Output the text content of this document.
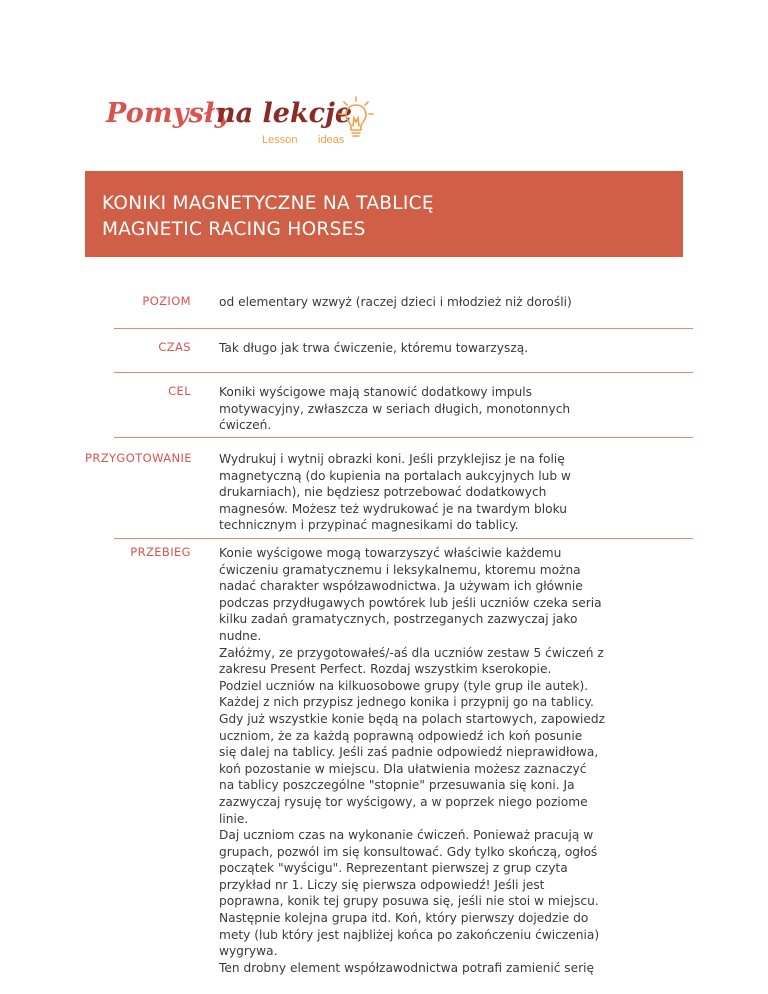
Pomysły
na lekcje
Lesson ideas
KONIKI MAGNETYCZNE NA TABLICĘ
MAGNETIC RACING HORSES
POZIOM od elementary wzwyż (raczej dzieci i młodzież niż dorośli)
CZAS Tak długo jak trwa ćwiczenie, któremu towarzyszą.
CEL Koniki wyścigowe mają stanowić dodatkowy impuls
motywacyjny, zwłaszcza w seriach długich, monotonnych
ćwiczeń.
PRZYGOTOWANIE Wydrukuj i wytnij obrazki koni. Jeśli przyklejisz je na folię
magnetyczną (do kupienia na portalach aukcyjnych lub w
drukarniach), nie będziesz potrzebować dodatkowych
magnesów. Możesz też wydrukować je na twardym bloku
technicznym i przypinać magnesikami do tablicy.
PRZEBIEG Konie wyścigowe mogą towarzyszyć właściwie każdemu
ćwiczeniu gramatycznemu i leksykalnemu, ktoremu można
nadać charakter współzawodnictwa. Ja używam ich głównie
podczas przydługawych powtórek lub jeśli uczniów czeka seria
kilku zadań gramatycznych, postrzeganych zazwyczaj jako
nudne.
Załóżmy, ze przygotowałeś/-aś dla uczniów zestaw 5 ćwiczeń z
zakresu Present Perfect. Rozdaj wszystkim kserokopie.
Podziel uczniów na kilkuosobowe grupy (tyle grup ile autek).
Każdej z nich przypisz jednego konika i przypnij go na tablicy.
Gdy już wszystkie konie będą na polach startowych, zapowiedz
uczniom, że za każdą poprawną odpowiedź ich koń posunie
się dalej na tablicy. Jeśli zaś padnie odpowiedź nieprawidłowa,
koń pozostanie w miejscu. Dla ułatwienia możesz zaznaczyć
na tablicy poszczególne "stopnie" przesuwania się koni. Ja
zazwyczaj rysuję tor wyścigowy, a w poprzek niego poziome
linie.
Daj uczniom czas na wykonanie ćwiczeń. Ponieważ pracują w
grupach, pozwól im się konsultować. Gdy tylko skończą, ogłoś
początek "wyścigu". Reprezentant pierwszej z grup czyta
przykład nr 1. Liczy się pierwsza odpowiedź! Jeśli jest
poprawna, konik tej grupy posuwa się, jeśli nie stoi w miejscu.
Następnie kolejna grupa itd. Koń, który pierwszy dojedzie do
mety (lub który jest najbliżej końca po zakończeniu ćwiczenia)
wygrywa.
Ten drobny element współzawodnictwa potrafi zamienić serię
